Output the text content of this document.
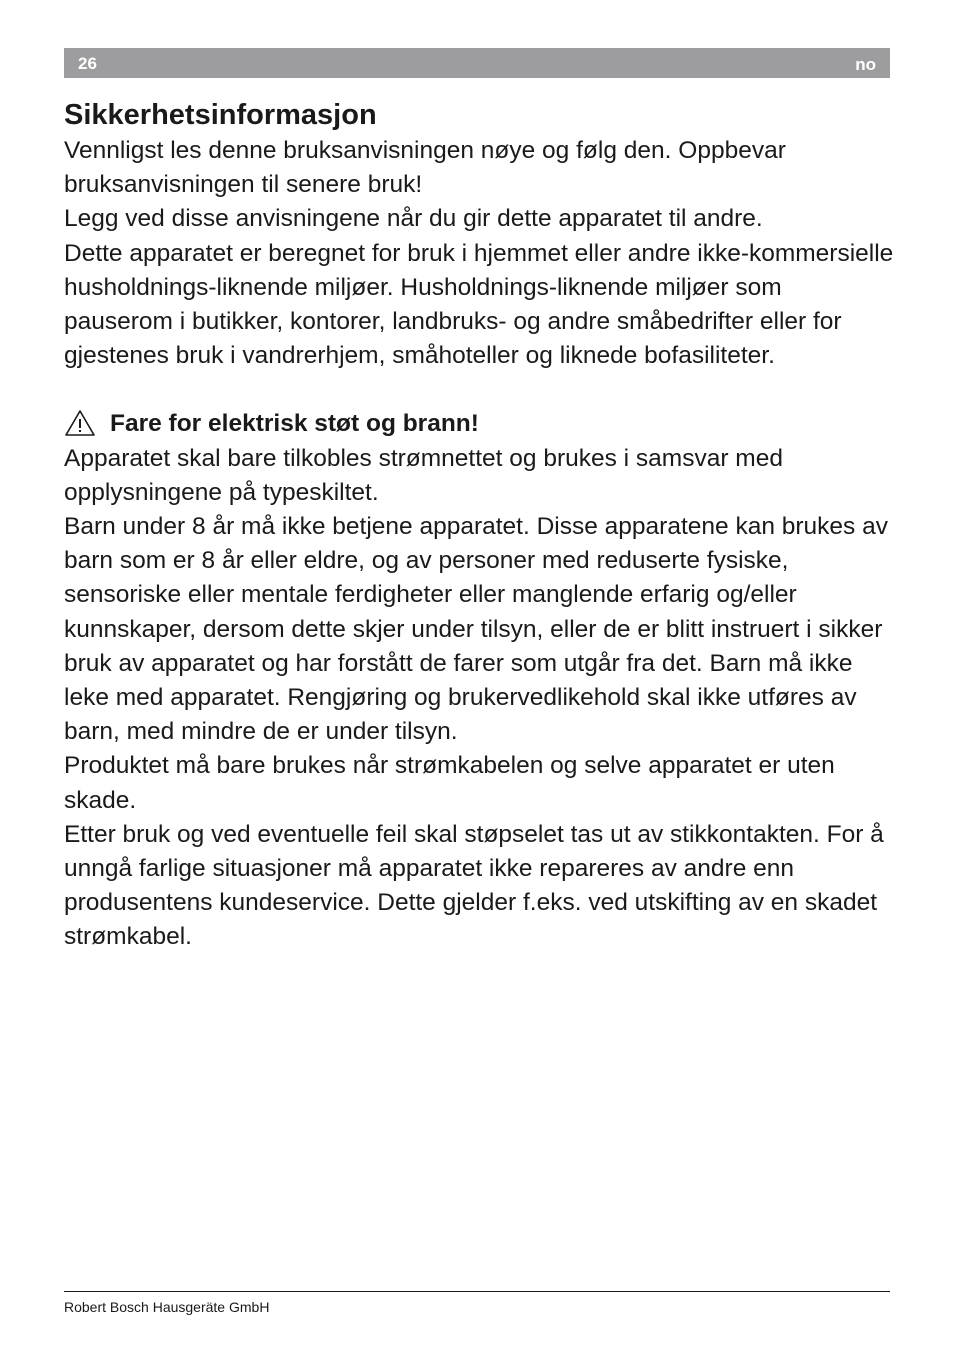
26	no
Sikkerhetsinformasjon

Vennligst les denne bruksanvisningen nøye og følg den. Oppbevar bruksanvisningen til senere bruk!

Legg ved disse anvisningene når du gir dette apparatet til andre.

Dette apparatet er beregnet for bruk i hjemmet eller andre ikke-kommersielle husholdnings-liknende miljøer. Husholdnings-liknende miljøer som pauserom i butikker, kontorer, landbruks- og andre småbedrifter eller for gjestenes bruk i vandrerhjem, småhoteller og liknede bofasiliteter.

Fare for elektrisk støt og brann!

Apparatet skal bare tilkobles strømnettet og brukes i samsvar med opplysningene på typeskiltet.

Barn under 8 år må ikke betjene apparatet. Disse apparatene kan brukes av barn som er 8 år eller eldre, og av personer med reduserte fysiske, sensoriske eller mentale ferdigheter eller manglende erfarig og/eller kunnskaper, dersom dette skjer under tilsyn, eller de er blitt instruert i sikker bruk av apparatet og har forstått de farer som utgår fra det. Barn må ikke leke med apparatet. Rengjøring og brukervedlikehold skal ikke utføres av barn, med mindre de er under tilsyn.

Produktet må bare brukes når strømkabelen og selve apparatet er uten skade.

Etter bruk og ved eventuelle feil skal støpselet tas ut av stikkontakten. For å unngå farlige situasjoner må apparatet ikke repareres av andre enn produsentens kundeservice. Dette gjelder f.eks. ved utskifting av en skadet strømkabel.

Robert Bosch Hausgeräte GmbH
